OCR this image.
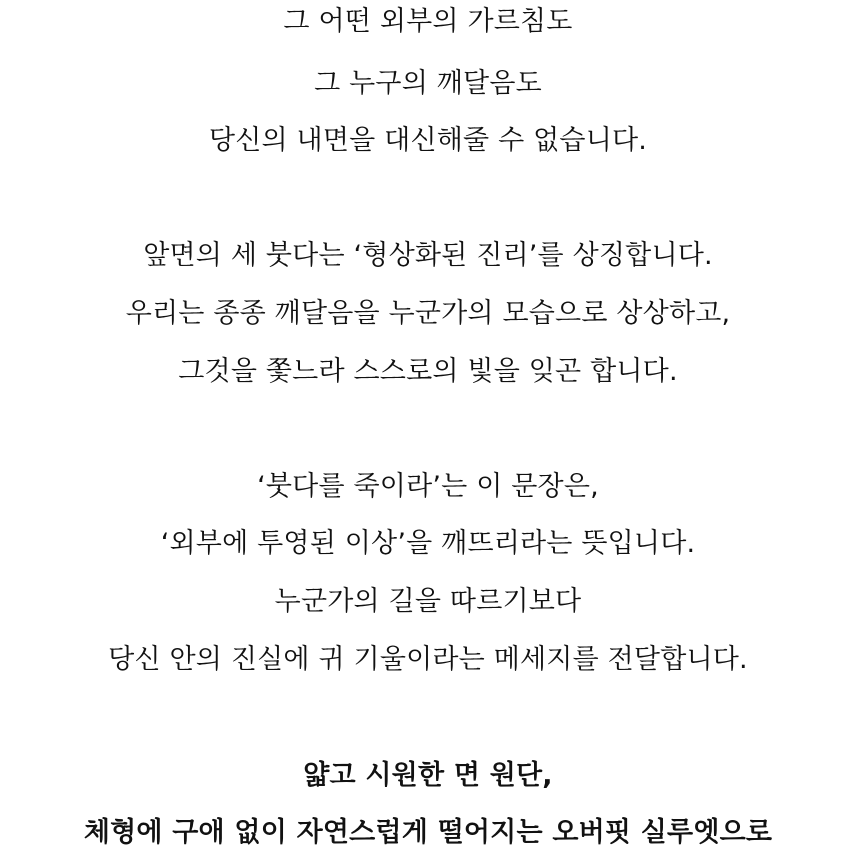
그 어떤 외부의 가르침도
그 누구의 깨달음도
당신의 내면을 대신해줄 수 없습니다.
앞면의 세 붓다는 ‘형상화된 진리’를 상징합니다.
우리는 종종 깨달음을 누군가의 모습으로 상상하고,
그것을 쫓느라 스스로의 빛을 잊곤 합니다.
‘붓다를 죽이라’는 이 문장은,
‘외부에 투영된 이상’을 깨뜨리라는 뜻입니다.
누군가의 길을 따르기보다
당신 안의 진실에 귀 기울이라는 메세지를 전달합니다.
얇고 시원한 면 원단,
체형에 구애 없이 자연스럽게 떨어지는 오버핏 실루엣으로
